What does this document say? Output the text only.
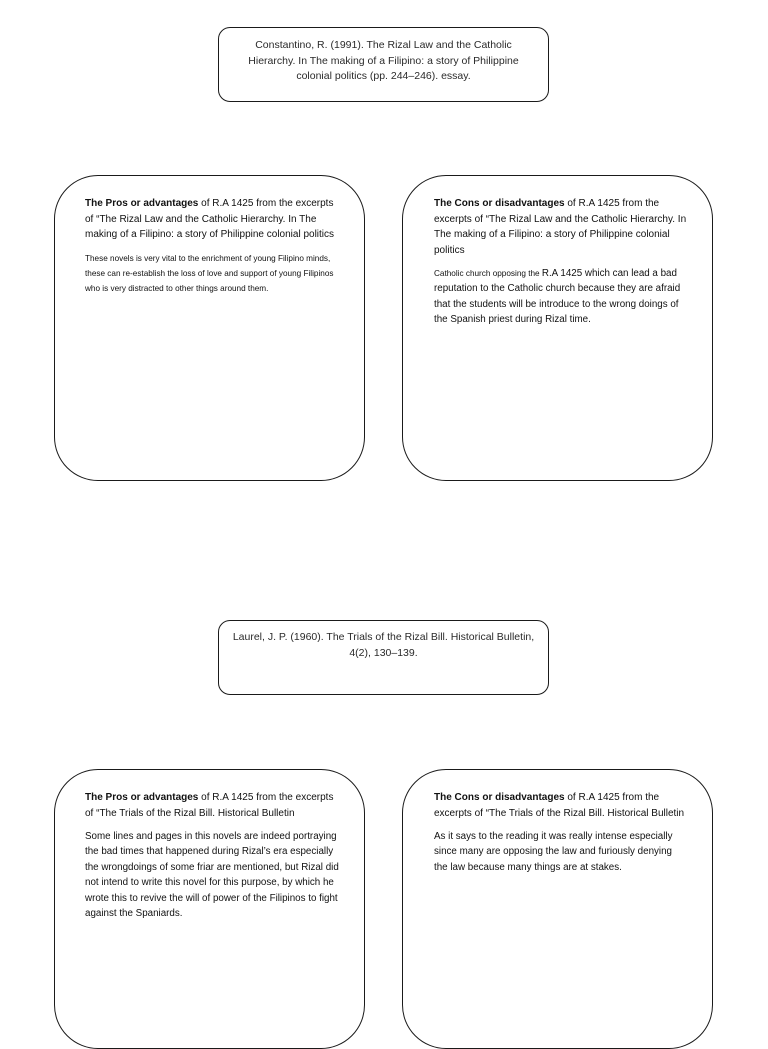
Constantino, R. (1991). The Rizal Law and the Catholic Hierarchy. In The making of a Filipino: a story of Philippine colonial politics (pp. 244–246). essay.

The Pros or advantages of R.A 1425 from the excerpts of “The Rizal Law and the Catholic Hierarchy. In The making of a Filipino: a story of Philippine colonial politics

These novels is very vital to the enrichment of young Filipino minds, these can re-establish the loss of love and support of young Filipinos who is very distracted to other things around them.

The Cons or disadvantages of R.A 1425 from the excerpts of “The Rizal Law and the Catholic Hierarchy. In The making of a Filipino: a story of Philippine colonial politics

Catholic church opposing the R.A 1425 which can lead a bad reputation to the Catholic church because they are afraid that the students will be introduce to the wrong doings of the Spanish priest during Rizal time.

Laurel, J. P. (1960). The Trials of the Rizal Bill. Historical Bulletin, 4(2), 130–139.

The Pros or advantages of R.A 1425 from the excerpts of “The Trials of the Rizal Bill. Historical Bulletin

Some lines and pages in this novels are indeed portraying the bad times that happened during Rizal’s era especially the wrongdoings of some friar are mentioned, but Rizal did not intend to write this novel for this purpose, by which he wrote this to revive the will of power of the Filipinos to fight against the Spaniards.

The Cons or disadvantages of R.A 1425 from the excerpts of “The Trials of the Rizal Bill. Historical Bulletin

As it says to the reading it was really intense especially since many are opposing the law and furiously denying the law because many things are at stakes.
